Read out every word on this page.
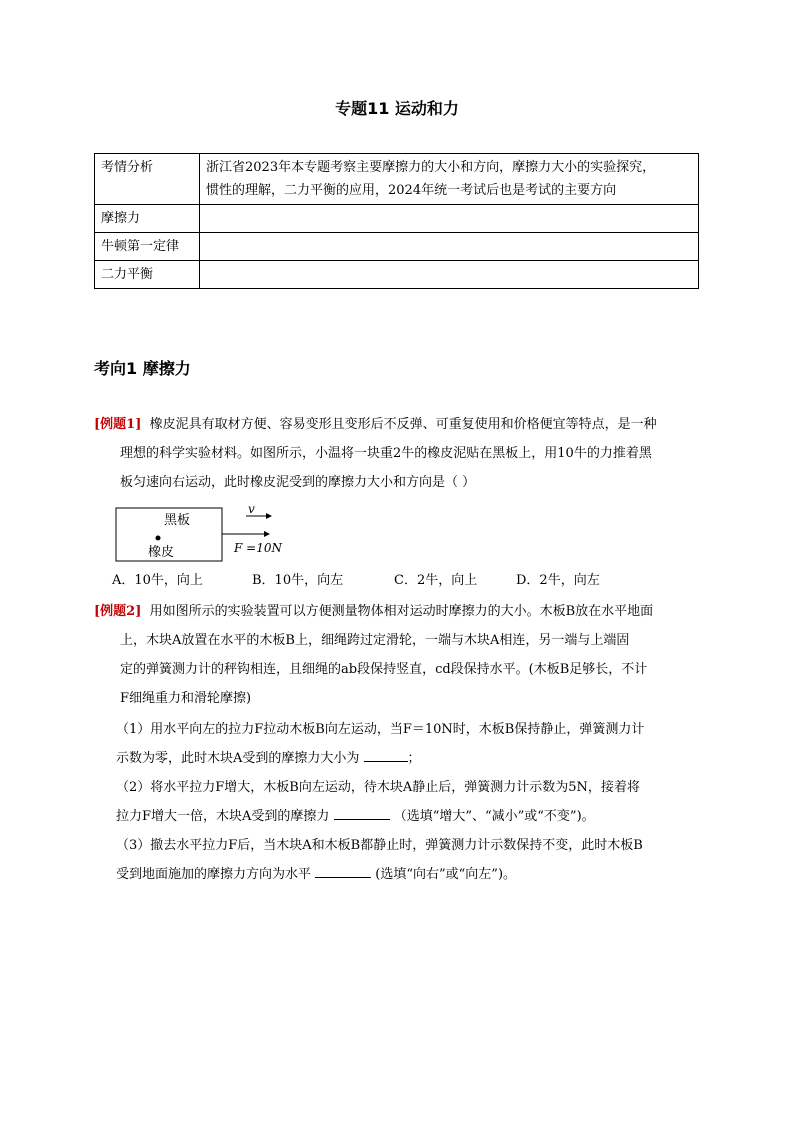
专题11 运动和力
考情分析	浙江省2023年本专题考察主要摩擦力的大小和方向，摩擦力大小的实验探究，
惯性的理解，二力平衡的应用，2024年统一考试后也是考试的主要方向

摩擦力	
牛顿第一定律	
二力平衡	
考向1 摩擦力
[例题1] 橡皮泥具有取材方便、容易变形且变形后不反弹、可重复使用和价格便宜等特点，是一种
理想的科学实验材料。如图所示，小温将一块重2牛的橡皮泥贴在黑板上，用10牛的力推着黑
板匀速向右运动，此时橡皮泥受到的摩擦力大小和方向是（ ）
黑板
橡皮
v
F =10N
A．10牛，向上	B．10牛，向左	C．2牛，向上	D．2牛，向左
[例题2] 用如图所示的实验装置可以方便测量物体相对运动时摩擦力的大小。木板B放在水平地面
上，木块A放置在水平的木板B上，细绳跨过定滑轮，一端与木块A相连，另一端与上端固
定的弹簧测力计的秤钩相连，且细绳的ab段保持竖直，cd段保持水平。(木板B足够长，不计
F细绳重力和滑轮摩擦)
（1）用水平向左的拉力F拉动木板B向左运动，当F＝10N时，木板B保持静止，弹簧测力计
示数为零，此时木块A受到的摩擦力大小为	；
（2）将水平拉力F增大，木板B向左运动，待木块A静止后，弹簧测力计示数为5N，接着将
拉力F增大一倍，木块A受到的摩擦力	（选填“增大”、“减小”或“不变”)。
（3）撤去水平拉力F后，当木块A和木板B都静止时，弹簧测力计示数保持不变，此时木板B
受到地面施加的摩擦力方向为水平	(选填“向右”或“向左”)。
